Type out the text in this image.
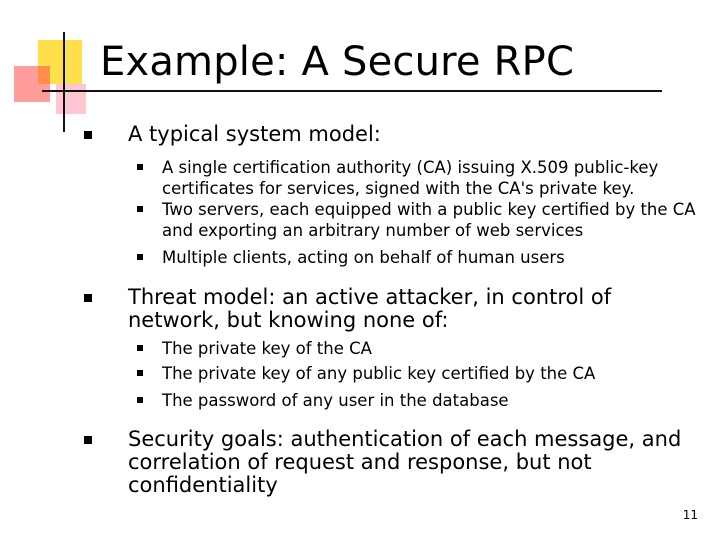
Example: A Secure RPC
A typical system model:
A single certification authority (CA) issuing X.509 public-key certificates for services, signed with the CA's private key.
Two servers, each equipped with a public key certified by the CA and exporting an arbitrary number of web services
Multiple clients, acting on behalf of human users
Threat model: an active attacker, in control of network, but knowing none of:
The private key of the CA
The private key of any public key certified by the CA
The password of any user in the database
Security goals: authentication of each message, and correlation of request and response, but not confidentiality
11
